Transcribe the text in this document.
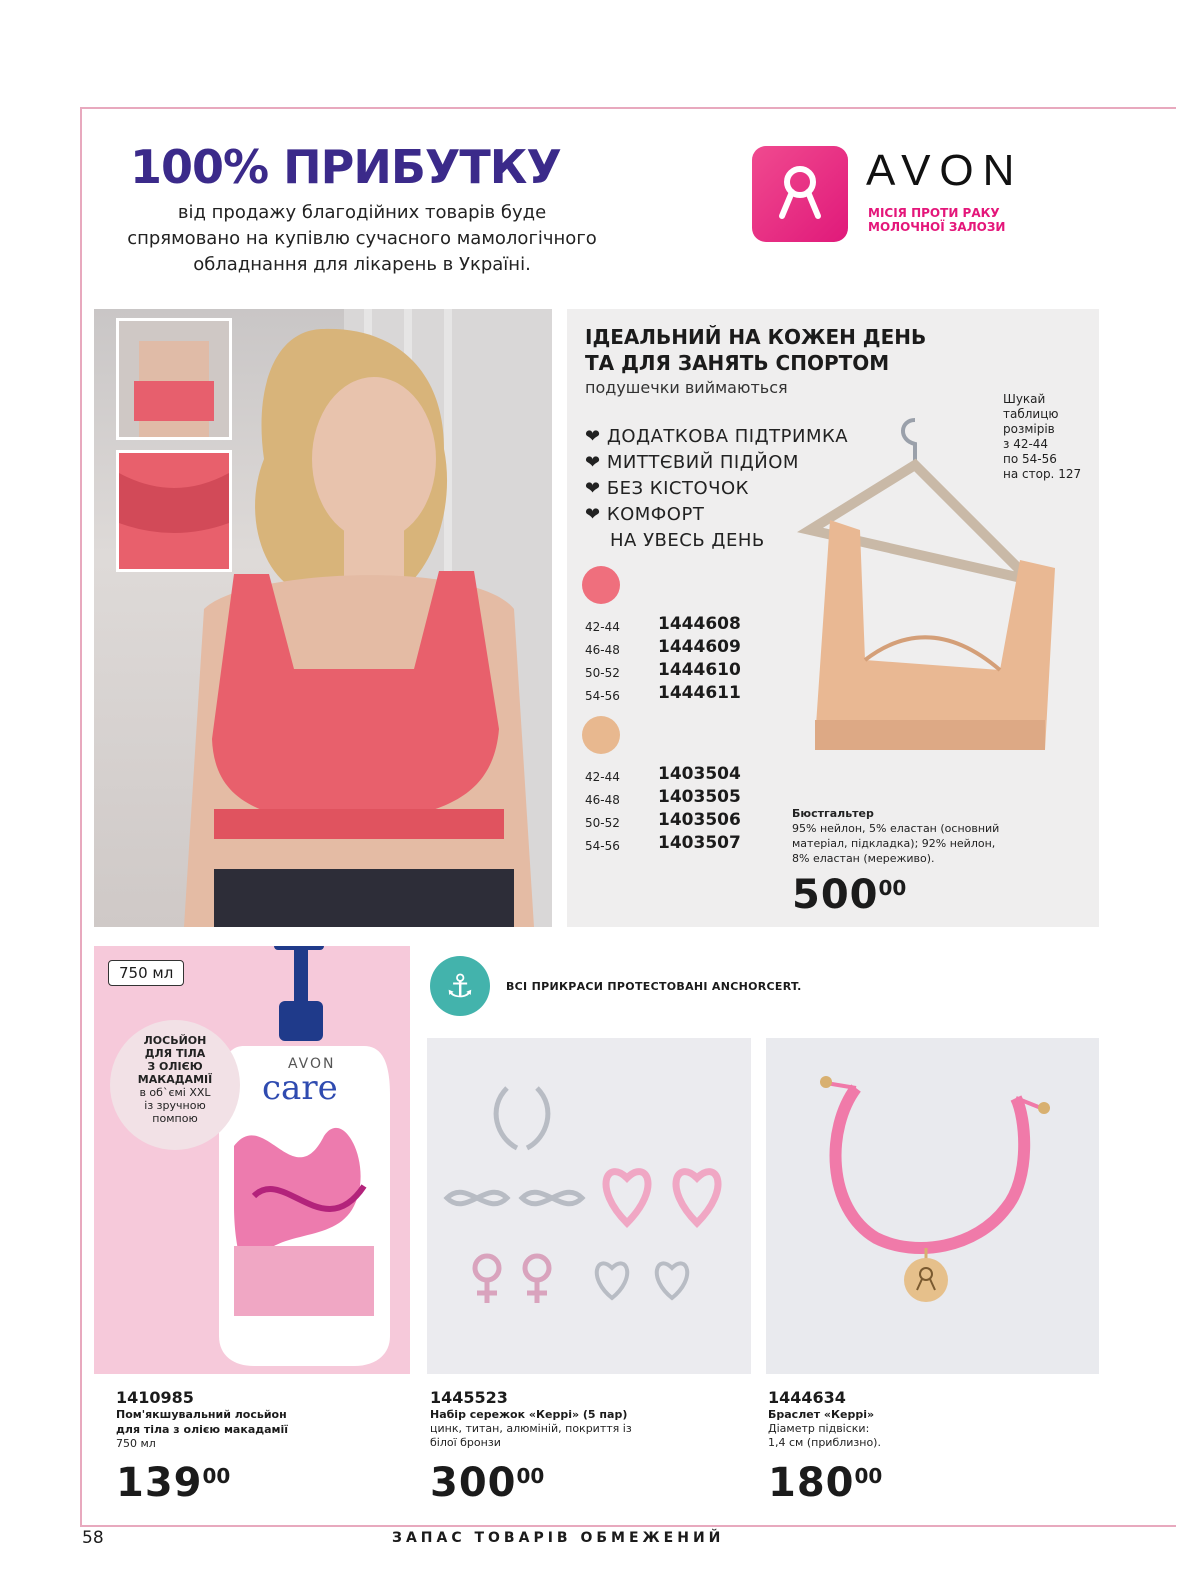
100% ПРИБУТКУ
від продажу благодійних товарів буде
спрямовано на купівлю сучасного мамологічного
обладнання для лікарень в Україні.
AVON
МІСІЯ ПРОТИ РАКУ
МОЛОЧНОЇ ЗАЛОЗИ
ІДЕАЛЬНИЙ НА КОЖЕН ДЕНЬ
ТА ДЛЯ ЗАНЯТЬ СПОРТОМ
подушечки виймаються
❤ ДОДАТКОВА ПІДТРИМКА
❤ МИТТЄВИЙ ПІДЙОМ
❤ БЕЗ КІСТОЧОК
❤ КОМФОРТ
НА УВЕСЬ ДЕНЬ
Шукай
таблицю
розмірів
з 42-44
по 54-56
на стор. 127
42-44 1444608
46-48 1444609
50-52 1444610
54-56 1444611
42-44 1403504
46-48 1403505
50-52 1403506
54-56 1403507
Бюстгальтер
95% нейлон, 5% еластан (основний
матеріал, підкладка); 92% нейлон,
8% еластан (мереживо).
50000
AVON
care
750 мл
ЛОСЬЙОН
ДЛЯ ТІЛА
З ОЛІЄЮ
МАКАДАМІЇ
в об`ємі XXL
із зручною
помпою
1410985
Пом'якшувальний лосьйон
для тіла з олією макадамії
750 мл
13900
⚓	ВСІ ПРИКРАСИ ПРОТЕСТОВАНІ ANCHORCERT.
1445523
Набір сережок «Керрі» (5 пар)
цинк, титан, алюміній, покриття із
білої бронзи
30000
1444634
Браслет «Керрі»
Діаметр підвіски:
1,4 см (приблизно).
18000
58	ЗАПАС ТОВАРІВ ОБМЕЖЕНИЙ
